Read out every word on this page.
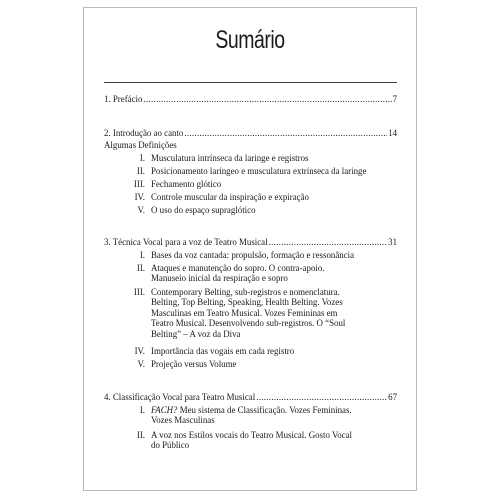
Sumário
1. Prefácio .....	7
2. Introdução ao canto .....	14
Algumas Definições
I. Musculatura intrínseca da laringe e registros
II. Posicionamento laríngeo e musculatura extrínseca da laringe
III. Fechamento glótico
IV. Controle muscular da inspiração e expiração
V. O uso do espaço supraglótico
3. Técnica Vocal para a voz de Teatro Musical .....	31
I. Bases da voz cantada: propulsão, formação e ressonância
II. Ataques e manutenção do sopro. O contra-apoio.
Manuseio inicial da respiração e sopro
III. Contemporary Belting, sub-registros e nomenclatura.
Belting, Top Belting, Speaking, Health Belting. Vozes
Masculinas em Teatro Musical. Vozes Femininas em
Teatro Musical. Desenvolvendo sub-registros. O “Soul
Belting” – A voz da Diva
IV. Importância das vogais em cada registro
V. Projeção versus Volume
4. Classificação Vocal para Teatro Musical .....	67
I. FACH? Meu sistema de Classificação. Vozes Femininas.
Vozes Masculinas
II. A voz nos Estilos vocais do Teatro Musical. Gosto Vocal
do Público
